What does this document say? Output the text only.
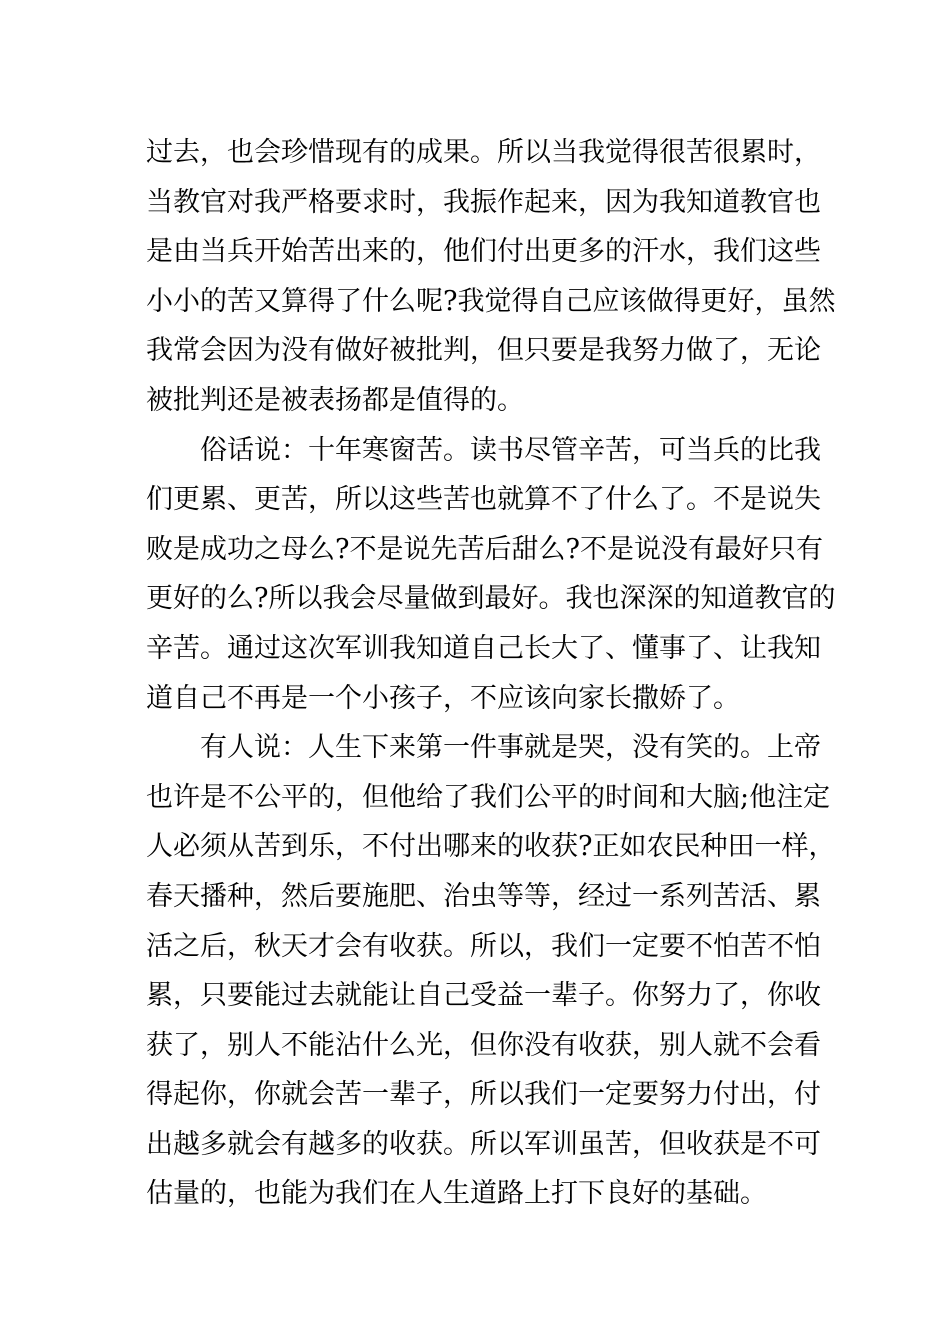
过去，也会珍惜现有的成果。所以当我觉得很苦很累时，
当教官对我严格要求时，我振作起来，因为我知道教官也
是由当兵开始苦出来的，他们付出更多的汗水，我们这些
小小的苦又算得了什么呢?我觉得自己应该做得更好，虽然
我常会因为没有做好被批判，但只要是我努力做了，无论
被批判还是被表扬都是值得的。
俗话说：十年寒窗苦。读书尽管辛苦，可当兵的比我
们更累、更苦，所以这些苦也就算不了什么了。不是说失
败是成功之母么?不是说先苦后甜么?不是说没有最好只有
更好的么?所以我会尽量做到最好。我也深深的知道教官的
辛苦。通过这次军训我知道自己长大了、懂事了、让我知
道自己不再是一个小孩子，不应该向家长撒娇了。
有人说：人生下来第一件事就是哭，没有笑的。上帝
也许是不公平的，但他给了我们公平的时间和大脑;他注定
人必须从苦到乐，不付出哪来的收获?正如农民种田一样，
春天播种，然后要施肥、治虫等等，经过一系列苦活、累
活之后，秋天才会有收获。所以，我们一定要不怕苦不怕
累，只要能过去就能让自己受益一辈子。你努力了，你收
获了，别人不能沾什么光，但你没有收获，别人就不会看
得起你，你就会苦一辈子，所以我们一定要努力付出，付
出越多就会有越多的收获。所以军训虽苦，但收获是不可
估量的，也能为我们在人生道路上打下良好的基础。
